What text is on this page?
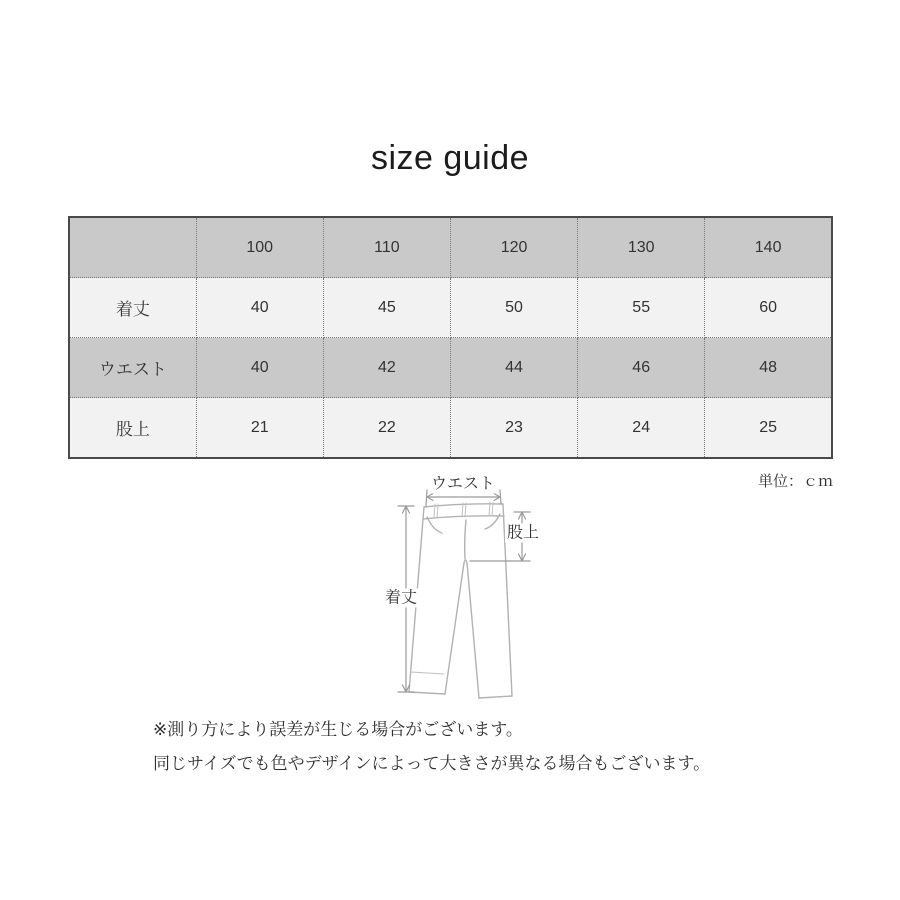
size guide
	100	110	120	130	140
着丈	40	45	50	55	60
ウエスト	40	42	44	46	48
股上	21	22	23	24	25
単位：ｃｍ
ウエスト
着丈
股上
※測り方により誤差が生じる場合がございます。
同じサイズでも色やデザインによって大きさが異なる場合もございます。
